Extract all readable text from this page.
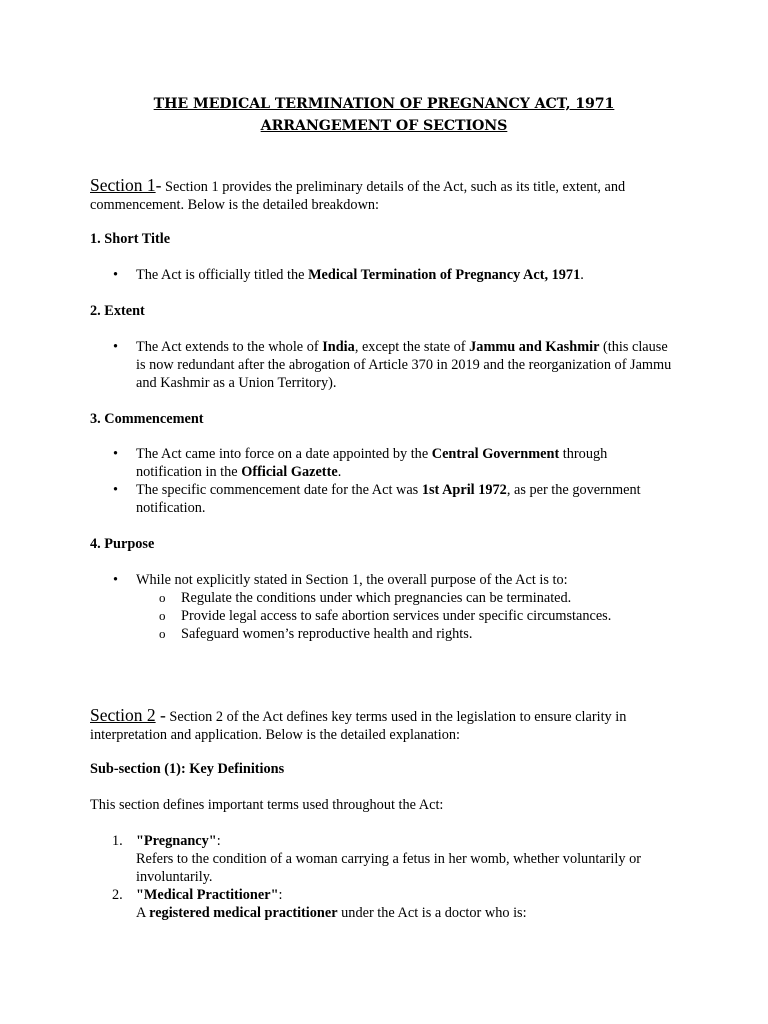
THE MEDICAL TERMINATION OF PREGNANCY ACT, 1971

ARRANGEMENT OF SECTIONS

Section 1- Section 1 provides the preliminary details of the Act, such as its title, extent, and commencement. Below is the detailed breakdown:

1. Short Title

• The Act is officially titled the Medical Termination of Pregnancy Act, 1971.

2. Extent

• The Act extends to the whole of India, except the state of Jammu and Kashmir (this clause is now redundant after the abrogation of Article 370 in 2019 and the reorganization of Jammu and Kashmir as a Union Territory).

3. Commencement

• The Act came into force on a date appointed by the Central Government through notification in the Official Gazette.

• The specific commencement date for the Act was 1st April 1972, as per the government notification.

4. Purpose

• While not explicitly stated in Section 1, the overall purpose of the Act is to:

o Regulate the conditions under which pregnancies can be terminated.

o Provide legal access to safe abortion services under specific circumstances.

o Safeguard women’s reproductive health and rights.

Section 2 - Section 2 of the Act defines key terms used in the legislation to ensure clarity in interpretation and application. Below is the detailed explanation:

Sub-section (1): Key Definitions

This section defines important terms used throughout the Act:

1. "Pregnancy":
Refers to the condition of a woman carrying a fetus in her womb, whether voluntarily or involuntarily.

2. "Medical Practitioner":
A registered medical practitioner under the Act is a doctor who is:
